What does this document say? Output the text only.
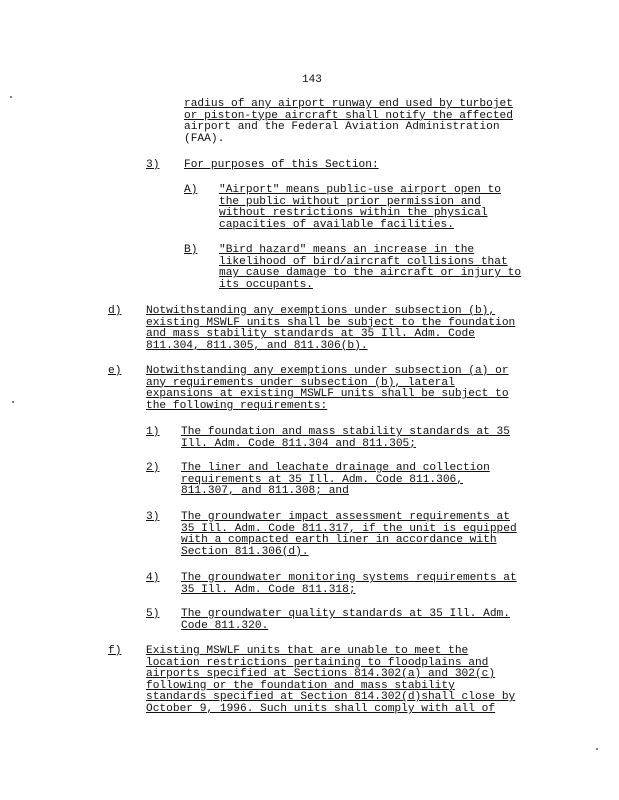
143
radius of any airport runway end used by turbojet
or piston-type aircraft shall notify the affected
airport and the Federal Aviation Administration
(FAA).
3) For purposes of this Section:
A) "Airport" means public-use airport open to
the public without prior permission and
without restrictions within the physical
capacities of available facilities.
B) "Bird hazard" means an increase in the
likelihood of bird/aircraft collisions that
may cause damage to the aircraft or injury to
its occupants.
d) Notwithstanding any exemptions under subsection (b),
existing MSWLF units shall be subject to the foundation
and mass stability standards at 35 Ill. Adm. Code
811.304, 811.305, and 811.306(b).
e) Notwithstanding any exemptions under subsection (a) or
any requirements under subsection (b), lateral
expansions at existing MSWLF units shall be subject to
the following requirements:
1) The foundation and mass stability standards at 35
Ill. Adm. Code 811.304 and 811.305;
2) The liner and leachate drainage and collection
requirements at 35 Ill. Adm. Code 811.306,
811.307, and 811.308; and
3) The groundwater impact assessment requirements at
35 Ill. Adm. Code 811.317, if the unit is equipped
with a compacted earth liner in accordance with
Section 811.306(d).
4) The groundwater monitoring systems requirements at
35 Ill. Adm. Code 811.318;
5) The groundwater quality standards at 35 Ill. Adm.
Code 811.320.
f) Existing MSWLF units that are unable to meet the
location restrictions pertaining to floodplains and
airports specified at Sections 814.302(a) and 302(c)
following or the foundation and mass stability
standards specified at Section 814.302(d)shall close by
October 9, 1996. Such units shall comply with all of
